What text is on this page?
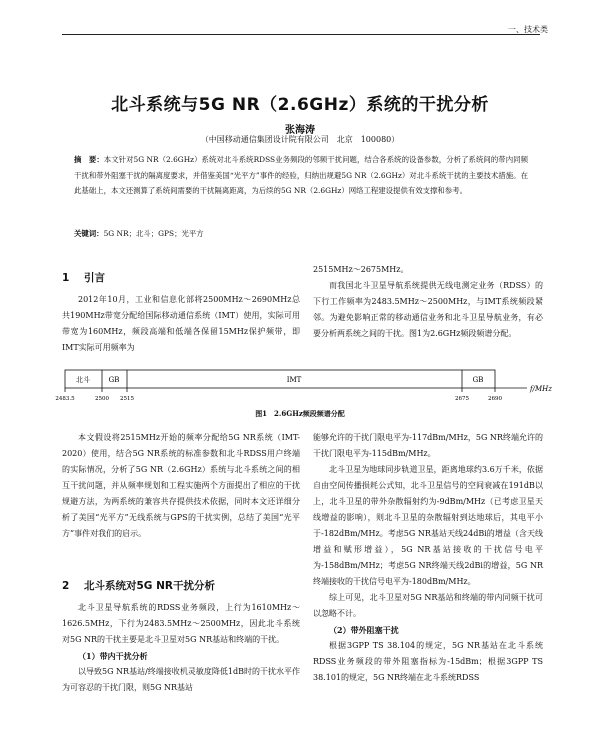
一、技术类
北斗系统与5G NR（2.6GHz）系统的干扰分析
张海涛
（中国移动通信集团设计院有限公司　北京　100080）
摘　要：本文针对5G NR（2.6GHz）系统对北斗系统RDSS业务频段的邻频干扰问题，结合各系统的设备参数，分析了系统间的带内同频干扰和带外阻塞干扰的隔离度要求，并借鉴美国“光平方”事件的经验，归纳出规避5G NR（2.6GHz）对北斗系统干扰的主要技术措施。在此基础上，本文还测算了系统间需要的干扰隔离距离，为后续的5G NR（2.6GHz）网络工程建设提供有效支撑和参考。
关键词：5G NR；北斗；GPS；光平方
1 引言
2012年10月，工业和信息化部将2500MHz～2690MHz总共190MHz带宽分配给国际移动通信系统（IMT）使用，实际可用带宽为160MHz，频段高端和低端各保留15MHz保护频带，即IMT实际可用频率为
2515MHz～2675MHz。
而我国北斗卫星导航系统提供无线电测定业务（RDSS）的下行工作频率为2483.5MHz～2500MHz，与IMT系统频段紧邻。为避免影响正常的移动通信业务和北斗卫星导航业务，有必要分析两系统之间的干扰。图1为2.6GHz频段频谱分配。
北斗	GB	IMT	GB
f/MHz
2483.5	2500 2515	2675	2690
图1　2.6GHz频段频谱分配
本文假设将2515MHz开始的频率分配给5G NR系统（IMT-2020）使用，结合5G NR系统的标准参数和北斗RDSS用户终端的实际情况，分析了5G NR（2.6GHz）系统与北斗系统之间的相互干扰问题，并从频率规划和工程实施两个方面提出了相应的干扰规避方法，为两系统的兼容共存提供技术依据，同时本文还详细分析了美国“光平方”无线系统与GPS的干扰实例，总结了美国“光平方”事件对我们的启示。
2 北斗系统对5G NR干扰分析
北斗卫星导航系统的RDSS业务频段，上行为1610MHz～1626.5MHz，下行为2483.5MHz～2500MHz，因此北斗系统对5G NR的干扰主要是北斗卫星对5G NR基站和终端的干扰。
（1）带内干扰分析
以导致5G NR基站/终端接收机灵敏度降低1dB时的干扰水平作为可容忍的干扰门限，则5G NR基站
能够允许的干扰门限电平为-117dBm/MHz，5G NR终端允许的干扰门限电平为-115dBm/MHz。
北斗卫星为地球同步轨道卫星，距离地球约3.6万千米，依据自由空间传播损耗公式知，北斗卫星信号的空间衰减在191dB以上，北斗卫星的带外杂散辐射约为-9dBm/MHz（已考虑卫星天线增益的影响），则北斗卫星的杂散辐射到达地球后，其电平小于-182dBm/MHz。考虑5G NR基站天线24dBi的增益（含天线增益和赋形增益），5G NR基站接收的干扰信号电平为-158dBm/MHz；考虑5G NR终端天线2dBi的增益，5G NR终端接收的干扰信号电平为-180dBm/MHz。
综上可见，北斗卫星对5G NR基站和终端的带内同频干扰可以忽略不计。
（2）带外阻塞干扰
根据3GPP TS 38.104的规定，5G NR基站在北斗系统RDSS业务频段的带外阻塞指标为-15dBm；根据3GPP TS 38.101的规定，5G NR终端在北斗系统RDSS
